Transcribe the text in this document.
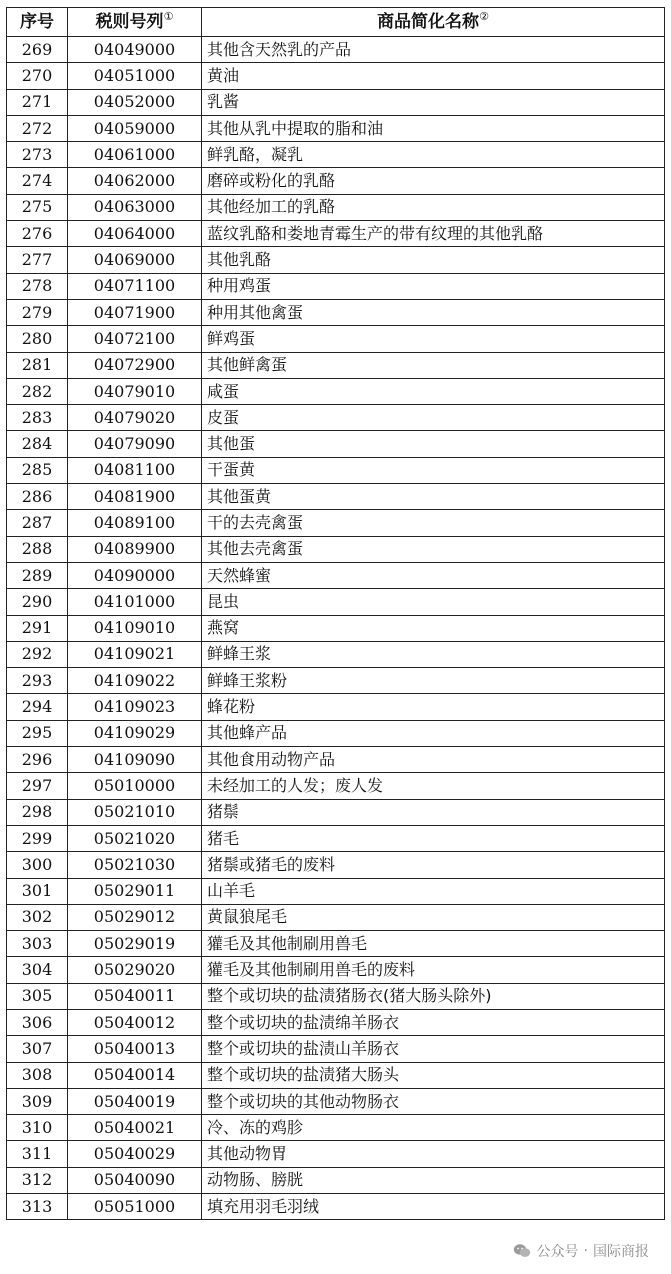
序号	税则号列①	商品简化名称②
269	04049000	其他含天然乳的产品
270	04051000	黄油
271	04052000	乳酱
272	04059000	其他从乳中提取的脂和油
273	04061000	鲜乳酪，凝乳
274	04062000	磨碎或粉化的乳酪
275	04063000	其他经加工的乳酪
276	04064000	蓝纹乳酪和娄地青霉生产的带有纹理的其他乳酪
277	04069000	其他乳酪
278	04071100	种用鸡蛋
279	04071900	种用其他禽蛋
280	04072100	鲜鸡蛋
281	04072900	其他鲜禽蛋
282	04079010	咸蛋
283	04079020	皮蛋
284	04079090	其他蛋
285	04081100	干蛋黄
286	04081900	其他蛋黄
287	04089100	干的去壳禽蛋
288	04089900	其他去壳禽蛋
289	04090000	天然蜂蜜
290	04101000	昆虫
291	04109010	燕窝
292	04109021	鲜蜂王浆
293	04109022	鲜蜂王浆粉
294	04109023	蜂花粉
295	04109029	其他蜂产品
296	04109090	其他食用动物产品
297	05010000	未经加工的人发；废人发
298	05021010	猪鬃
299	05021020	猪毛
300	05021030	猪鬃或猪毛的废料
301	05029011	山羊毛
302	05029012	黄鼠狼尾毛
303	05029019	獾毛及其他制刷用兽毛
304	05029020	獾毛及其他制刷用兽毛的废料
305	05040011	整个或切块的盐渍猪肠衣(猪大肠头除外)
306	05040012	整个或切块的盐渍绵羊肠衣
307	05040013	整个或切块的盐渍山羊肠衣
308	05040014	整个或切块的盐渍猪大肠头
309	05040019	整个或切块的其他动物肠衣
310	05040021	冷、冻的鸡胗
311	05040029	其他动物胃
312	05040090	动物肠、膀胱
313	05051000	填充用羽毛羽绒
公众号 · 国际商报
